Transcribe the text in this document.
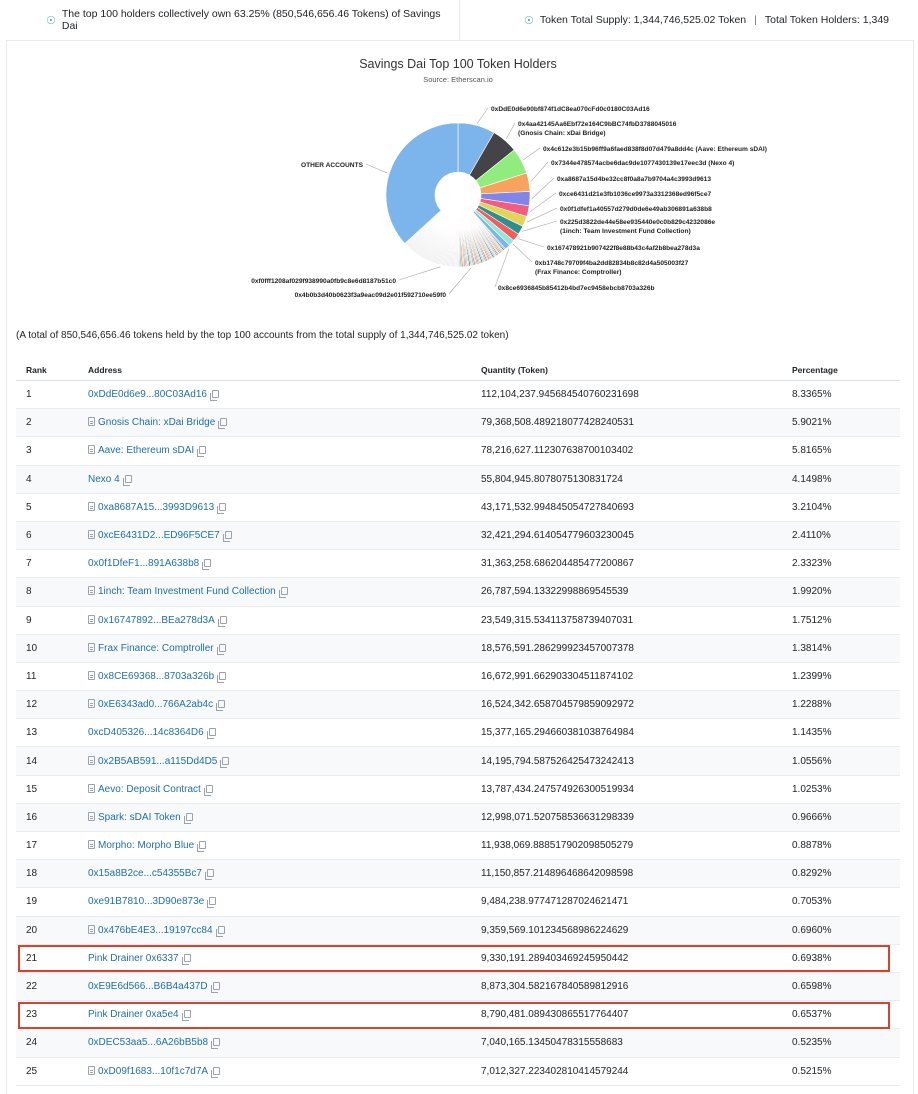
☉
The top 100 holders collectively own 63.25% (850,546,656.46 Tokens) of Savings Dai	☉ Token Total Supply: 1,344,746,525.02 Token | Total Token Holders: 1,349
Savings Dai Top 100 Token Holders
Source: Etherscan.io
0xDdE0d6e90bf874f1dC8ea070cFd0c0180C03Ad16
0x4aa42145Aa6Ebf72e164C9bBC74fbD3788045016
(Gnosis Chain: xDai Bridge)
0x4c612e3b15b96ff9a6faed838f8d07d479a8dd4c (Aave: Ethereum sDAI)
0x7344e478574acbe6dac9de1077430139e17eec3d (Nexo 4)
0xa8687a15d4be32cc8f0a8a7b9704a4c3993d9613
0xce6431d21e3fb1036ce9973a3312368ed96f5ce7
0x0f1dfef1a40557d279d0de6e49ab306891a638b8
0x225d3822de44e58ee935440e0c0b829c4232086e
(1inch: Team Investment Fund Collection)
0x167478921b907422f8e88b43c4af2b8bea278d3a
0xb1748c79709f4ba2dd82834b8c82d4a505003f27
(Frax Finance: Comptroller)
0x8ce6936845b85412b4bd7ec9458ebcb8703a326b
0xf0fff1208af029f938990a0fb9c8e6d8187b51c0
0x4b0b3d40b0623f3a9eac09d2e01f592710ee59f0
OTHER ACCOUNTS
(A total of 850,546,656.46 tokens held by the top 100 accounts from the total supply of 1,344,746,525.02 token)
Rank	Address	Quantity (Token)	Percentage
1	0xDdE0d6e9...80C03Ad16	112,104,237.945684540760231698	8.3365%
2	Gnosis Chain: xDai Bridge	79,368,508.489218077428240531	5.9021%
3	Aave: Ethereum sDAI	78,216,627.112307638700103402	5.8165%
4	Nexo 4	55,804,945.8078075130831724	4.1498%
5	0xa8687A15...3993D9613	43,171,532.994845054727840693	3.2104%
6	0xcE6431D2...ED96F5CE7	32,421,294.614054779603230045	2.4110%
7	0x0f1DfeF1...891A638b8	31,363,258.686204485477200867	2.3323%
8	1inch: Team Investment Fund Collection	26,787,594.13322998869545539	1.9920%
9	0x16747892...BEa278d3A	23,549,315.534113758739407031	1.7512%
10	Frax Finance: Comptroller	18,576,591.286299923457007378	1.3814%
11	0x8CE69368...8703a326b	16,672,991.662903304511874102	1.2399%
12	0xE6343ad0...766A2ab4c	16,524,342.658704579859092972	1.2288%
13	0xcD405326...14c8364D6	15,377,165.294660381038764984	1.1435%
14	0x2B5AB591...a115Dd4D5	14,195,794.587526425473242413	1.0556%
15	Aevo: Deposit Contract	13,787,434.247574926300519934	1.0253%
16	Spark: sDAI Token	12,998,071.520758536631298339	0.9666%
17	Morpho: Morpho Blue	11,938,069.888517902098505279	0.8878%
18	0x15a8B2ce...c54355Bc7	11,150,857.214896468642098598	0.8292%
19	0xe91B7810...3D90e873e	9,484,238.977471287024621471	0.7053%
20	0x476bE4E3...19197cc84	9,359,569.101234568986224629	0.6960%
21	Pink Drainer 0x6337	9,330,191.289403469245950442	0.6938%
22	0xE9E6d566...B6B4a437D	8,873,304.582167840589812916	0.6598%
23	Pink Drainer 0xa5e4	8,790,481.089430865517764407	0.6537%
24	0xDEC53aa5...6A26bB5b8	7,040,165.13450478315558683	0.5235%
25	0xD09f1683...10f1c7d7A	7,012,327.223402810414579244	0.5215%
